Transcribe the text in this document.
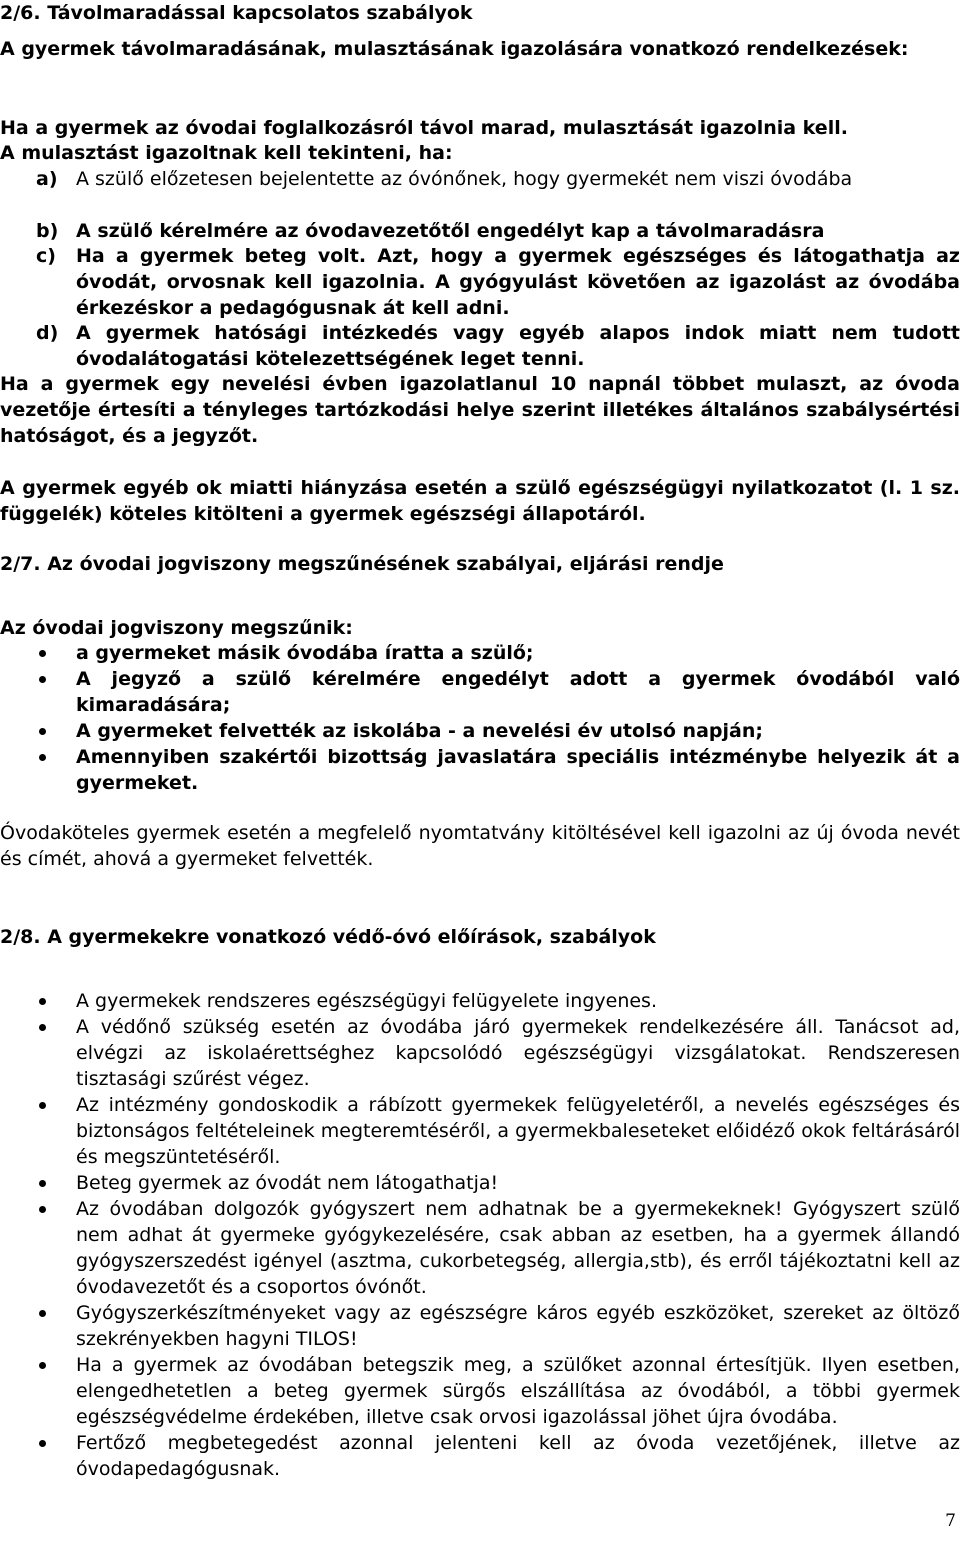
2/6. Távolmaradással kapcsolatos szabályok
A gyermek távolmaradásának, mulasztásának igazolására vonatkozó rendelkezések:
Ha a gyermek az óvodai foglalkozásról távol marad, mulasztását igazolnia kell.
A mulasztást igazoltnak kell tekinteni, ha:
a) A szülő előzetesen bejelentette az óvónőnek, hogy gyermekét nem viszi óvodába
b) A szülő kérelmére az óvodavezetőtől engedélyt kap a távolmaradásra
c) Ha a gyermek beteg volt. Azt, hogy a gyermek egészséges és látogathatja az óvodát, orvosnak kell igazolnia. A gyógyulást követően az igazolást az óvodába érkezéskor a pedagógusnak át kell adni.
d) A gyermek hatósági intézkedés vagy egyéb alapos indok miatt nem tudott óvodalátogatási kötelezettségének leget tenni.
Ha a gyermek egy nevelési évben igazolatlanul 10 napnál többet mulaszt, az óvoda vezetője értesíti a tényleges tartózkodási helye szerint illetékes általános szabálysértési hatóságot, és a jegyzőt.
A gyermek egyéb ok miatti hiányzása esetén a szülő egészségügyi nyilatkozatot (l. 1 sz. függelék) köteles kitölteni a gyermek egészségi állapotáról.
2/7. Az óvodai jogviszony megszűnésének szabályai, eljárási rendje
Az óvodai jogviszony megszűnik:
a gyermeket másik óvodába íratta a szülő;
A jegyző a szülő kérelmére engedélyt adott a gyermek óvodából való kimaradására;
A gyermeket felvették az iskolába - a nevelési év utolsó napján;
Amennyiben szakértői bizottság javaslatára speciális intézménybe helyezik át a gyermeket.
Óvodaköteles gyermek esetén a megfelelő nyomtatvány kitöltésével kell igazolni az új óvoda nevét és címét, ahová a gyermeket felvették.
2/8. A gyermekekre vonatkozó védő-óvó előírások, szabályok
A gyermekek rendszeres egészségügyi felügyelete ingyenes.
A védőnő szükség esetén az óvodába járó gyermekek rendelkezésére áll. Tanácsot ad, elvégzi az iskolaérettséghez kapcsolódó egészségügyi vizsgálatokat. Rendszeresen tisztasági szűrést végez.
Az intézmény gondoskodik a rábízott gyermekek felügyeletéről, a nevelés egészséges és biztonságos feltételeinek megteremtéséről, a gyermekbaleseteket előidéző okok feltárásáról és megszüntetéséről.
Beteg gyermek az óvodát nem látogathatja!
Az óvodában dolgozók gyógyszert nem adhatnak be a gyermekeknek! Gyógyszert szülő nem adhat át gyermeke gyógykezelésére, csak abban az esetben, ha a gyermek állandó gyógyszerszedést igényel (asztma, cukorbetegség, allergia,stb), és erről tájékoztatni kell az óvodavezetőt és a csoportos óvónőt.
Gyógyszerkészítményeket vagy az egészségre káros egyéb eszközöket, szereket az öltöző szekrényekben hagyni TILOS!
Ha a gyermek az óvodában betegszik meg, a szülőket azonnal értesítjük. Ilyen esetben, elengedhetetlen a beteg gyermek sürgős elszállítása az óvodából, a többi gyermek egészségvédelme érdekében, illetve csak orvosi igazolással jöhet újra óvodába.
Fertőző megbetegedést azonnal jelenteni kell az óvoda vezetőjének, illetve az óvodapedagógusnak.
7
